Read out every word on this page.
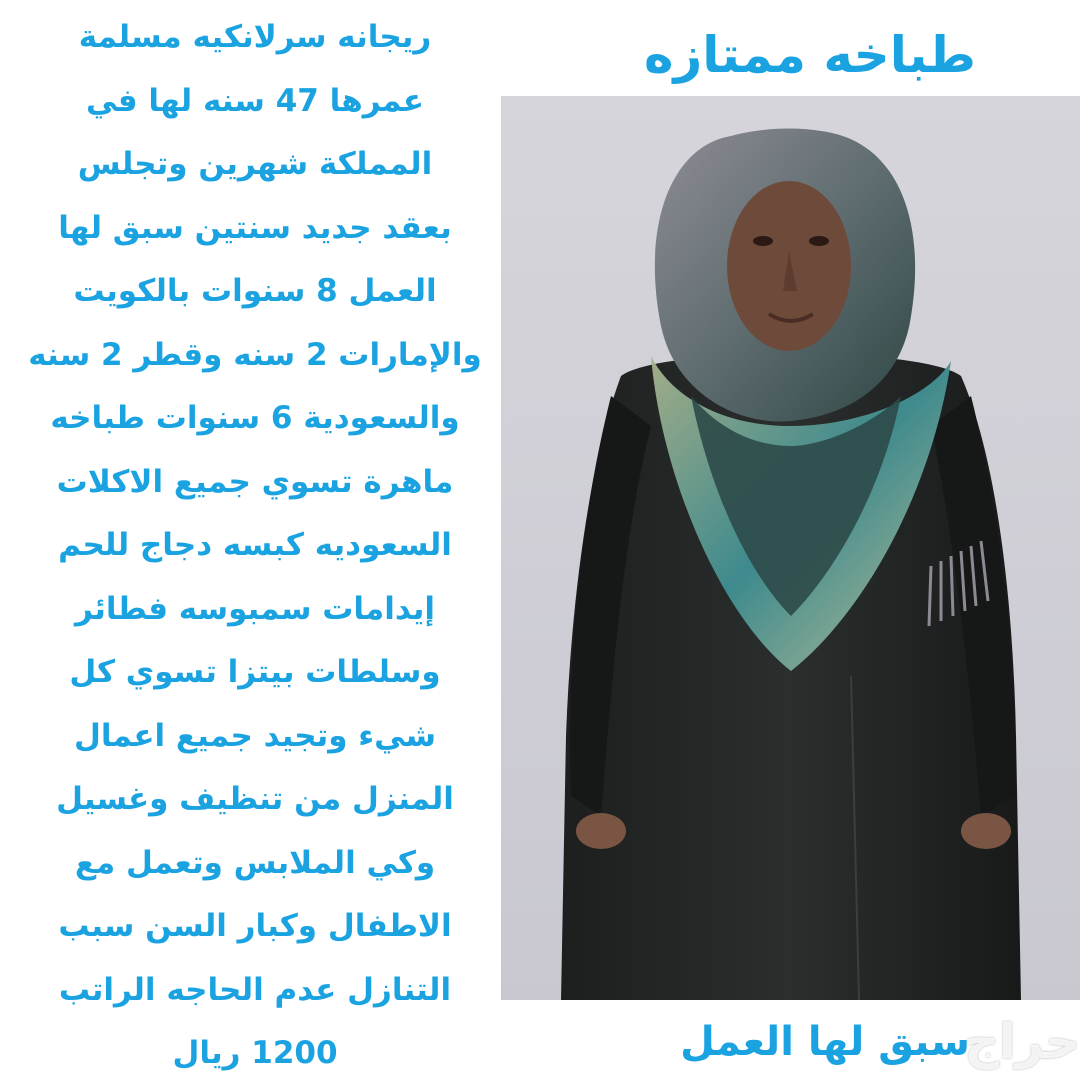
طباخه ممتازه
ريجانه سرلانكيه مسلمة
عمرها 47 سنه لها في
المملكة شهرين وتجلس
بعقد جديد سنتين سبق لها
العمل 8 سنوات بالكويت
والإمارات 2 سنه وقطر 2 سنه
والسعودية 6 سنوات طباخه
ماهرة تسوي جميع الاكلات
السعوديه كبسه دجاج للحم
إيدامات سمبوسه فطائر
وسلطات بيتزا تسوي كل
شيء وتجيد جميع اعمال
المنزل من تنظيف وغسيل
وكي الملابس وتعمل مع
الاطفال وكبار السن سبب
التنازل عدم الحاجه الراتب
1200 ريال	سبق لها العمل
حراج
